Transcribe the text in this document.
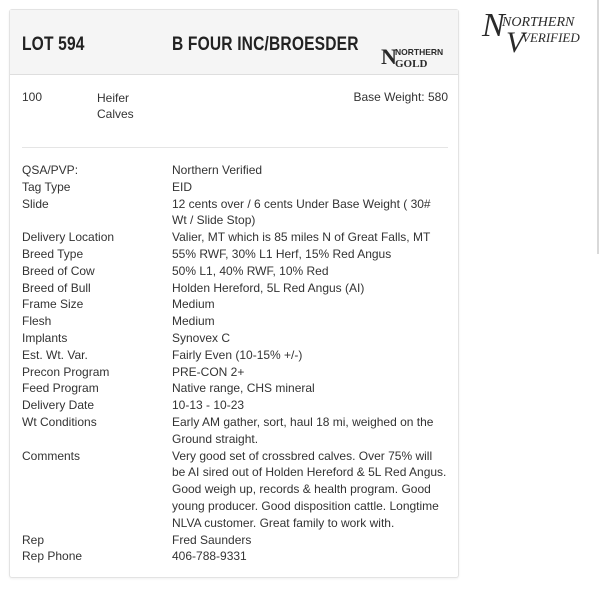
LOT 594	B FOUR INC/BROESDER
100	Heifer Calves
Base Weight: 580
N
NORTHERN
GOLD
QSA/PVP:	Northern Verified
Tag Type	EID
Slide	12 cents over / 6 cents Under Base Weight ( 30# Wt / Slide Stop)
Delivery Location	Valier, MT which is 85 miles N of Great Falls, MT
Breed Type	55% RWF, 30% L1 Herf, 15% Red Angus
Breed of Cow	50% L1, 40% RWF, 10% Red
Breed of Bull	Holden Hereford, 5L Red Angus (AI)
Frame Size	Medium
Flesh	Medium
Implants	Synovex C
Est. Wt. Var.	Fairly Even (10-15% +/-)
Precon Program	PRE-CON 2+
Feed Program	Native range, CHS mineral
Delivery Date	10-13 - 10-23
Wt Conditions	Early AM gather, sort, haul 18 mi, weighed on the Ground straight.
Comments	Very good set of crossbred calves. Over 75% will be AI sired out of Holden Hereford & 5L Red Angus. Good weigh up, records & health program. Good young producer. Good disposition cattle. Longtime NLVA customer. Great family to work with.
Rep	Fred Saunders
Rep Phone	406-788-9331
N
NORTHERN
V
VERIFIED
